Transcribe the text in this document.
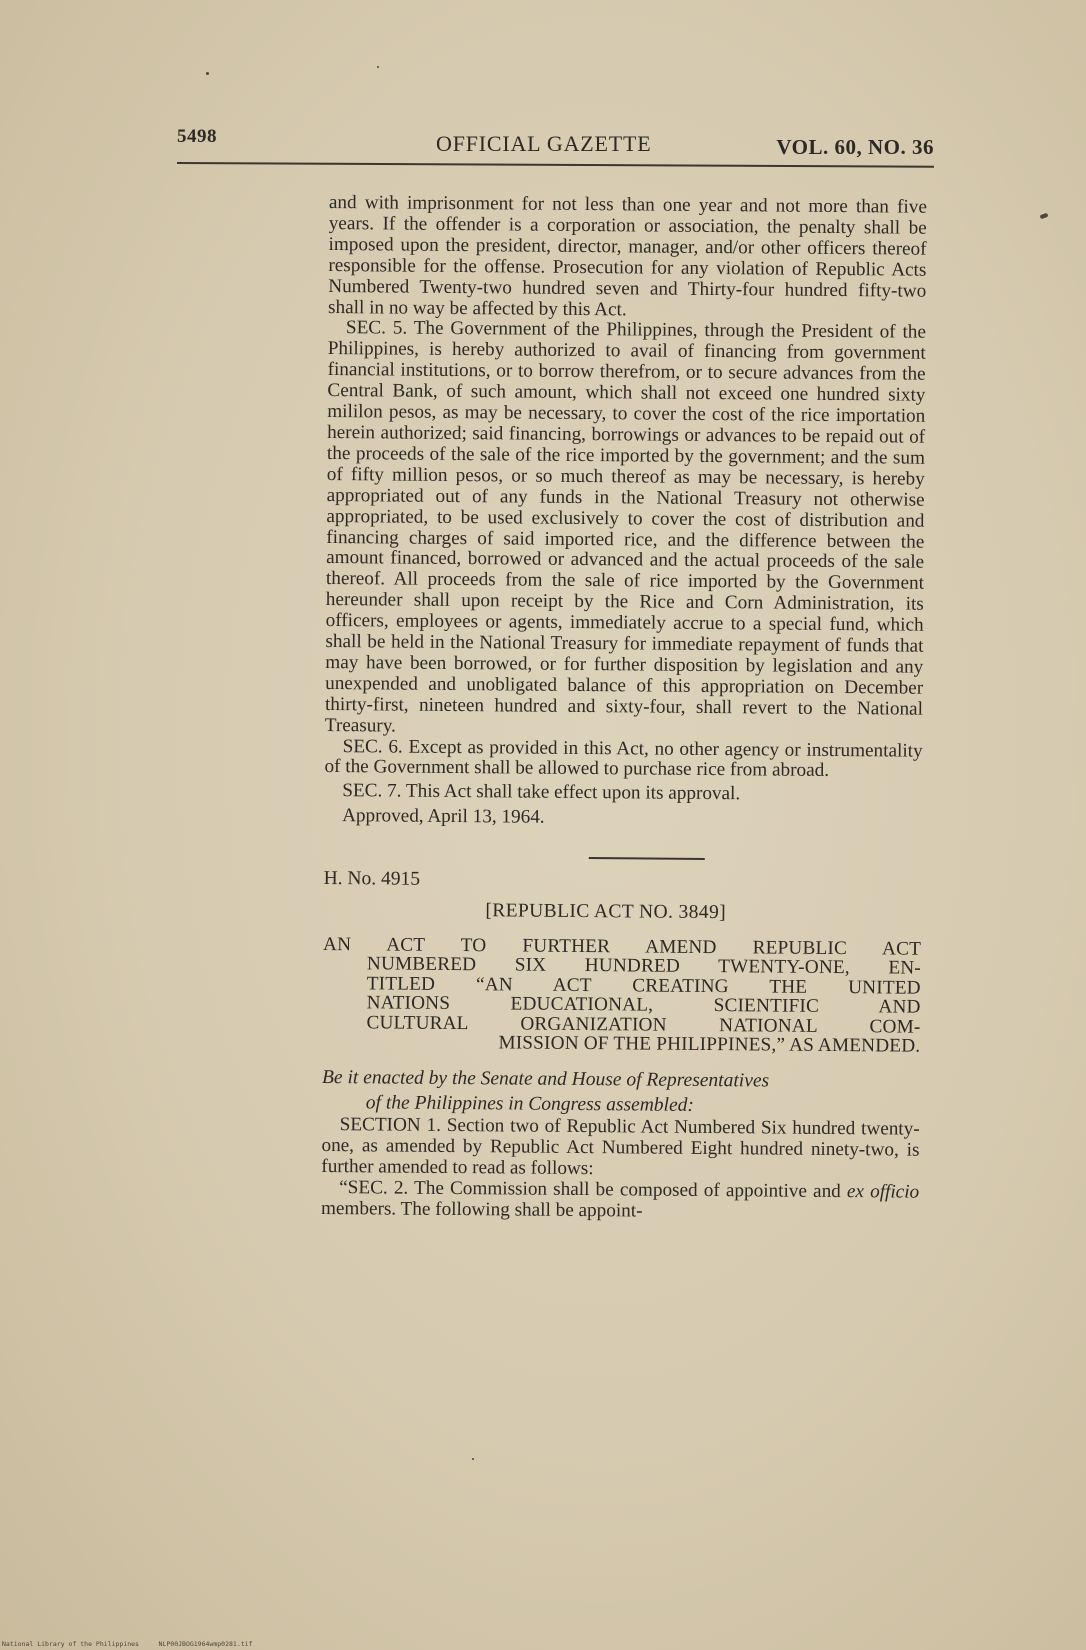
5498	OFFICIAL GAZETTE	VOL. 60, NO. 36

and with imprisonment for not less than one year and not more than five years. If the offender is a corporation or association, the penalty shall be imposed upon the president, director, manager, and/or other officers thereof responsible for the offense. Prosecution for any violation of Republic Acts Numbered Twenty-two hundred seven and Thirty-four hundred fifty-two shall in no way be affected by this Act.

SEC. 5. The Government of the Philippines, through the President of the Philippines, is hereby authorized to avail of financing from government financial institutions, or to borrow therefrom, or to secure advances from the Central Bank, of such amount, which shall not exceed one hundred sixty mililon pesos, as may be necessary, to cover the cost of the rice importation herein authorized; said financing, borrowings or advances to be repaid out of the proceeds of the sale of the rice imported by the government; and the sum of fifty million pesos, or so much thereof as may be necessary, is hereby appropriated out of any funds in the National Treasury not otherwise appropriated, to be used exclusively to cover the cost of distribution and financing charges of said imported rice, and the difference between the amount financed, borrowed or advanced and the actual proceeds of the sale thereof. All proceeds from the sale of rice imported by the Government hereunder shall upon receipt by the Rice and Corn Administration, its officers, employees or agents, immediately accrue to a special fund, which shall be held in the National Treasury for immediate repayment of funds that may have been borrowed, or for further disposition by legislation and any unexpended and unobligated balance of this appropriation on December thirty-first, nineteen hundred and sixty-four, shall revert to the National Treasury.

SEC. 6. Except as provided in this Act, no other agency or instrumentality of the Government shall be allowed to purchase rice from abroad.

SEC. 7. This Act shall take effect upon its approval.

Approved, April 13, 1964.

H. No. 4915
[REPUBLIC ACT NO. 3849]
AN ACT TO FURTHER AMEND REPUBLIC ACT
NUMBERED SIX HUNDRED TWENTY-ONE, EN-
TITLED “AN ACT CREATING THE UNITED
NATIONS EDUCATIONAL, SCIENTIFIC AND
CULTURAL ORGANIZATION NATIONAL COM-
MISSION OF THE PHILIPPINES,” AS AMENDED.
Be it enacted by the Senate and House of Representatives
of the Philippines in Congress assembled:

SECTION 1. Section two of Republic Act Numbered Six hundred twenty-one, as amended by Republic Act Numbered Eight hundred ninety-two, is further amended to read as follows:

“SEC. 2. The Commission shall be composed of appointive and ex officio members. The following shall be appoint-

National Library of the Philippines	NLP00JBOG1964wmp0281.tif
